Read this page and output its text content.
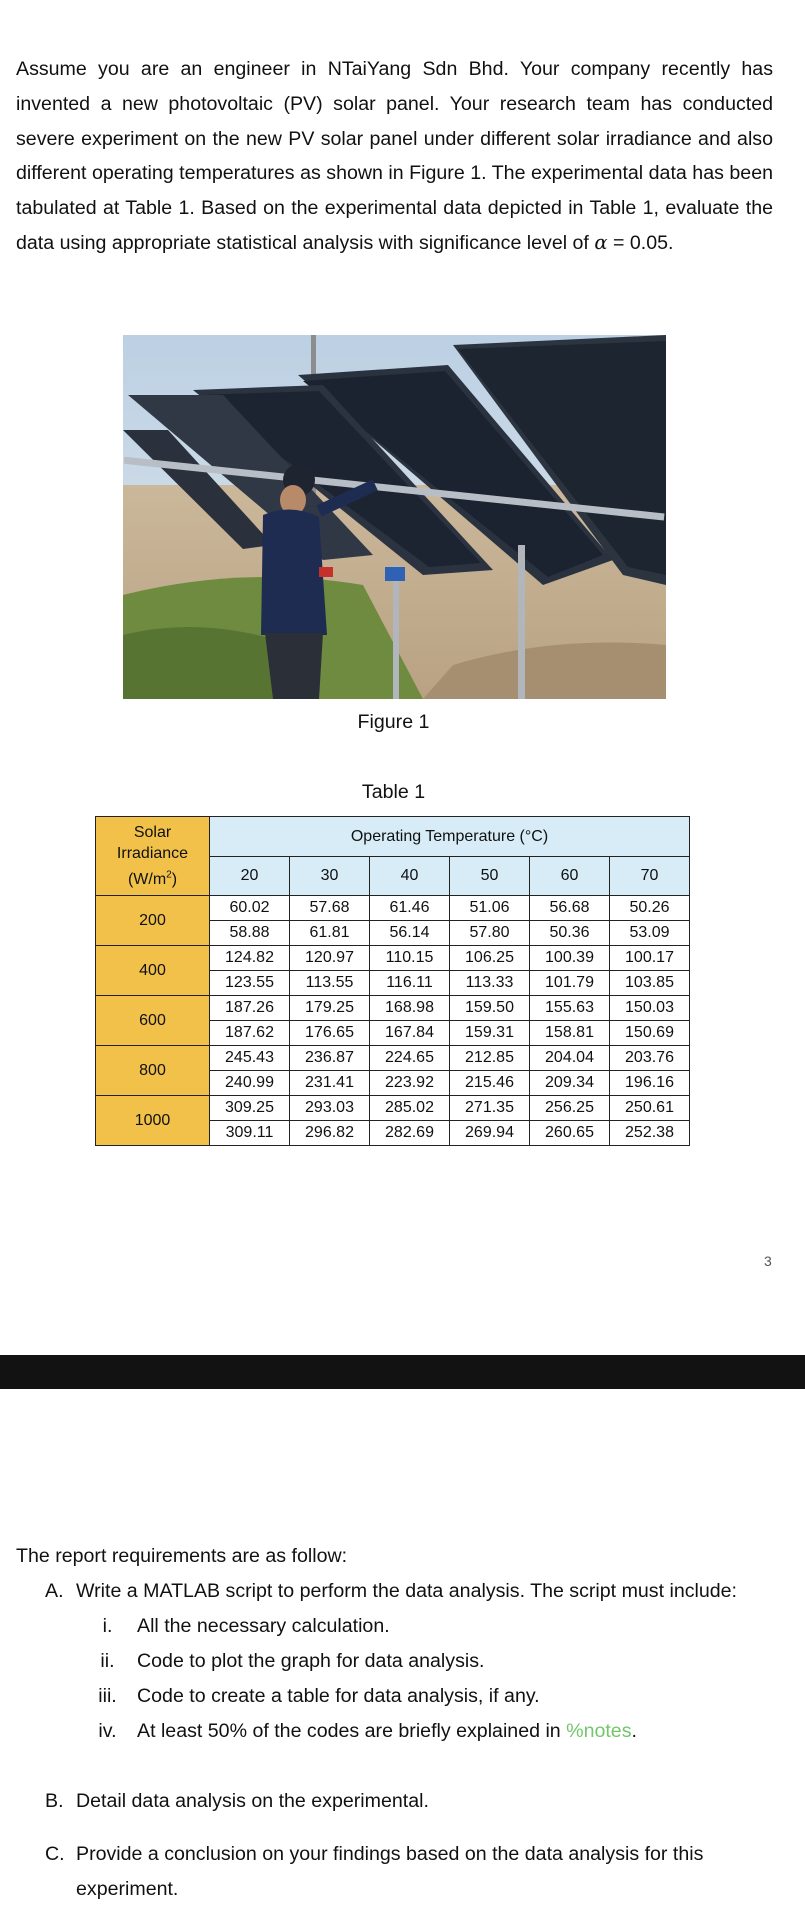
Assume you are an engineer in NTaiYang Sdn Bhd. Your company recently has invented a new photovoltaic (PV) solar panel. Your research team has conducted severe experiment on the new PV solar panel under different solar irradiance and also different operating temperatures as shown in Figure 1. The experimental data has been tabulated at Table 1. Based on the experimental data depicted in Table 1, evaluate the data using appropriate statistical analysis with significance level of α = 0.05.
Figure 1
Table 1
Solar
Irradiance
$(W/m^2)$	Operating Temperature (°C)					
	20	30	40	50	60	70
200	60.02	57.68	61.46	51.06	56.68	50.26
	58.88	61.81	56.14	57.80	50.36	53.09
400	124.82	120.97	110.15	106.25	100.39	100.17
	123.55	113.55	116.11	113.33	101.79	103.85
600	187.26	179.25	168.98	159.50	155.63	150.03
	187.62	176.65	167.84	159.31	158.81	150.69
800	245.43	236.87	224.65	212.85	204.04	203.76
	240.99	231.41	223.92	215.46	209.34	196.16
1000	309.25	293.03	285.02	271.35	256.25	250.61
	309.11	296.82	282.69	269.94	260.65	252.38
3
The report requirements are as follow:
A. Write a MATLAB script to perform the data analysis. The script must include:
i. All the necessary calculation.
ii. Code to plot the graph for data analysis.
iii. Code to create a table for data analysis, if any.
iv. At least 50% of the codes are briefly explained in %notes.
B. Detail data analysis on the experimental.
C. Provide a conclusion on your findings based on the data analysis for this
experiment.
